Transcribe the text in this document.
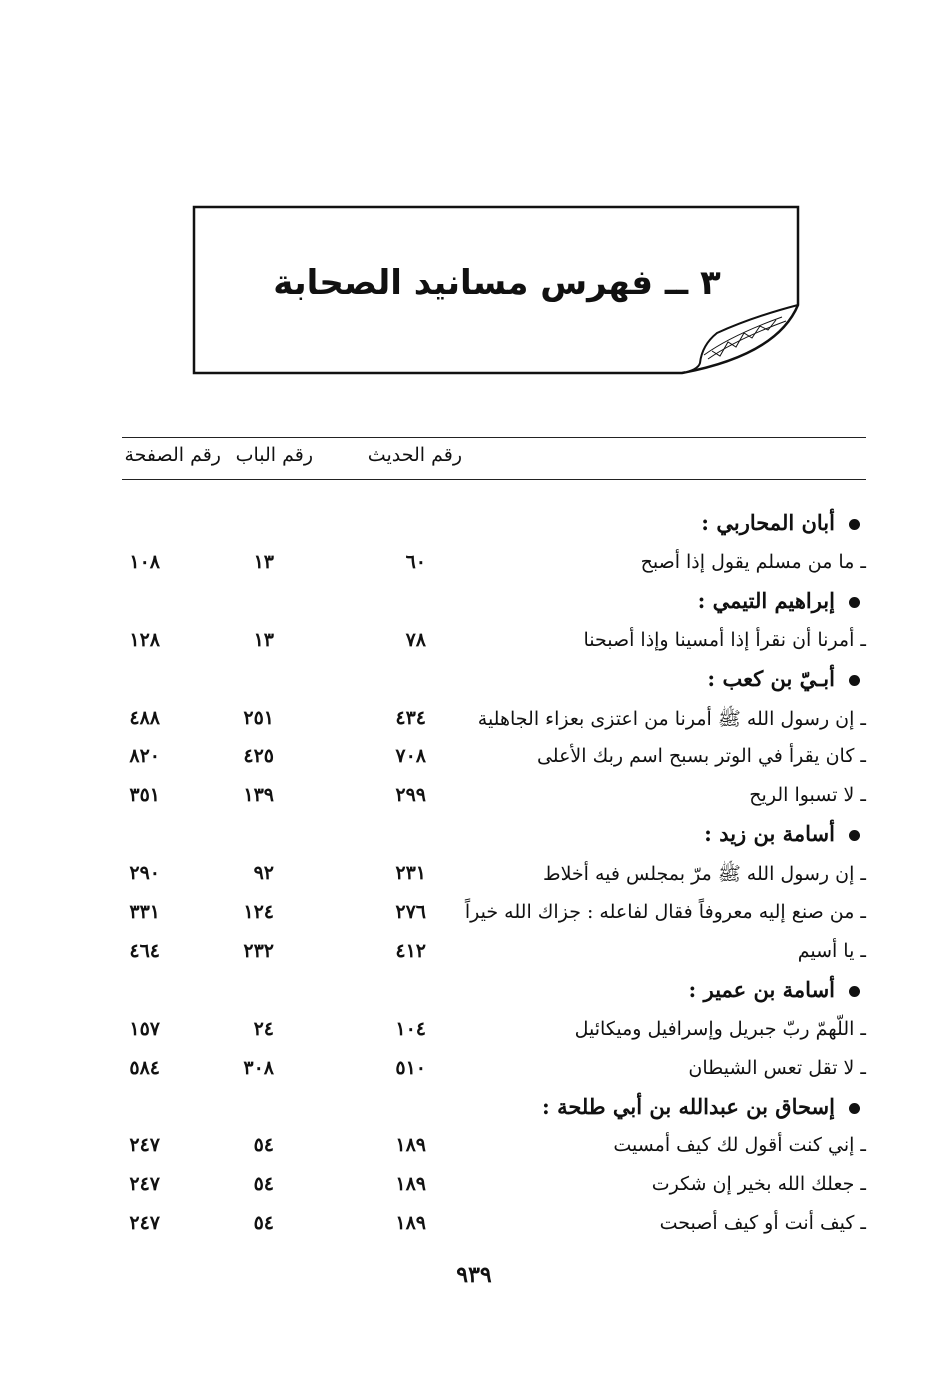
٣ ــ فهرس مسانيد الصحابة
رقم الحديث
رقم الباب
رقم الصفحة
أبان المحاربي :
ـ ما من مسلم يقول إذا أصبح
٦٠
١٣
١٠٨
إبراهيم التيمي :
ـ أمرنا أن نقرأ إذا أمسينا وإذا أصبحنا
٧٨
١٣
١٢٨
أبـيّ بن كعب :
ـ إن رسول الله ﷺ أمرنا من اعتزى بعزاء الجاهلية
٤٣٤
٢٥١
٤٨٨
ـ كان يقرأ في الوتر بسبح اسم ربك الأعلى
٧٠٨
٤٢٥
٨٢٠
ـ لا تسبوا الريح
٢٩٩
١٣٩
٣٥١
أسامة بن زيد :
ـ إن رسول الله ﷺ مرّ بمجلس فيه أخلاط
٢٣١
٩٢
٢٩٠
ـ من صنع إليه معروفاً فقال لفاعله : جزاك الله خيراً
٢٧٦
١٢٤
٣٣١
ـ يا أسيم
٤١٢
٢٣٢
٤٦٤
أسامة بن عمير :
ـ اللّهمّ ربّ جبريل وإسرافيل وميكائيل
١٠٤
٢٤
١٥٧
ـ لا تقل تعس الشيطان
٥١٠
٣٠٨
٥٨٤
إسحاق بن عبدالله بن أبي طلحة :
ـ إني كنت أقول لك كيف أمسيت
١٨٩
٥٤
٢٤٧
ـ جعلك الله بخير إن شكرت
١٨٩
٥٤
٢٤٧
ـ كيف أنت أو كيف أصبحت
١٨٩
٥٤
٢٤٧
٩٣٩
